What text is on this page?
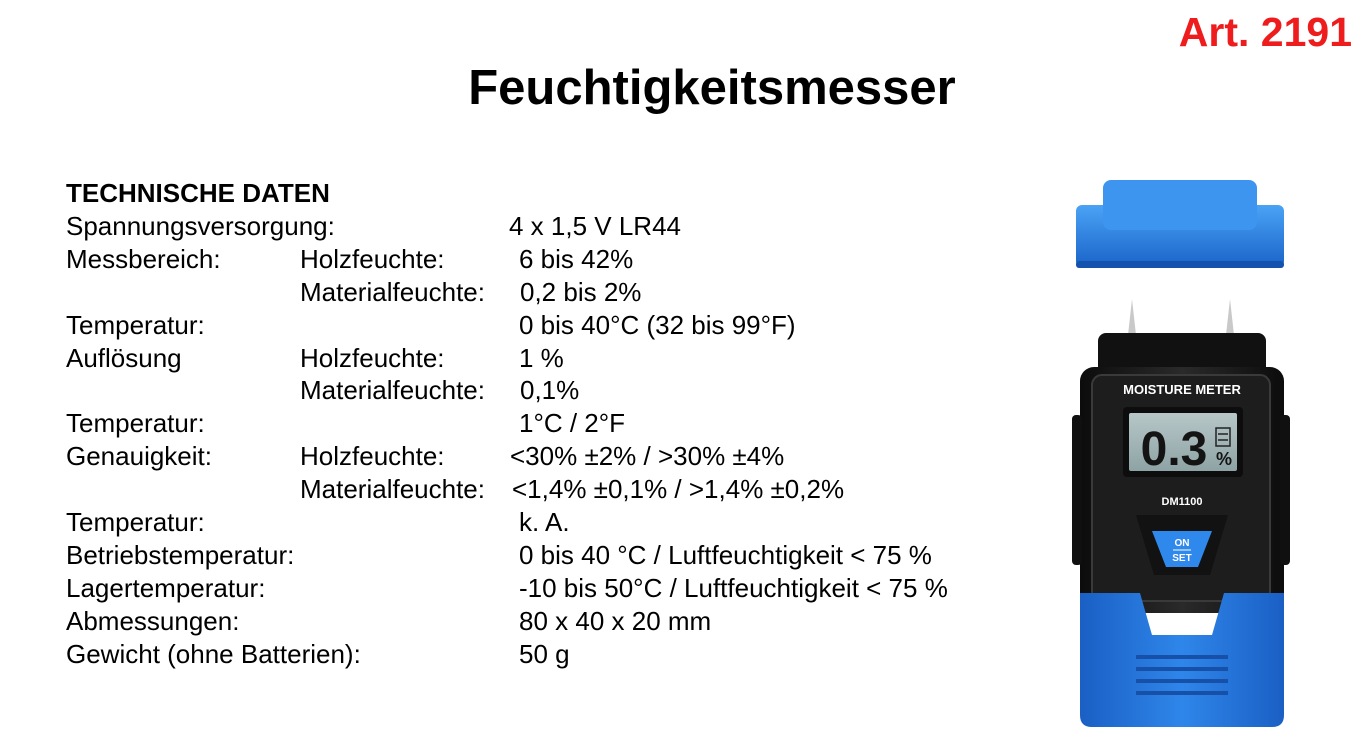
Art. 2191
Feuchtigkeitsmesser
TECHNISCHE DATEN
Spannungsversorgung:	4 x 1,5 V LR44
Messbereich:	Holzfeuchte:	6 bis 42%
Materialfeuchte: 0,2 bis 2%
Temperatur:	0 bis 40°C (32 bis 99°F)
Auflösung	Holzfeuchte:	1 %
Materialfeuchte: 0,1%
Temperatur:	1°C / 2°F
Genauigkeit:	Holzfeuchte:	<30% ±2% / >30% ±4%
Materialfeuchte: <1,4% ±0,1% / >1,4% ±0,2%
Temperatur:	k. A.
Betriebstemperatur:	0 bis 40 °C / Luftfeuchtigkeit < 75 %
Lagertemperatur:	-10 bis 50°C / Luftfeuchtigkeit < 75 %
Abmessungen:	80 x 40 x 20 mm
Gewicht (ohne Batterien):	50 g
MOISTURE METER
0.3 %
DM1100
ON
SET
